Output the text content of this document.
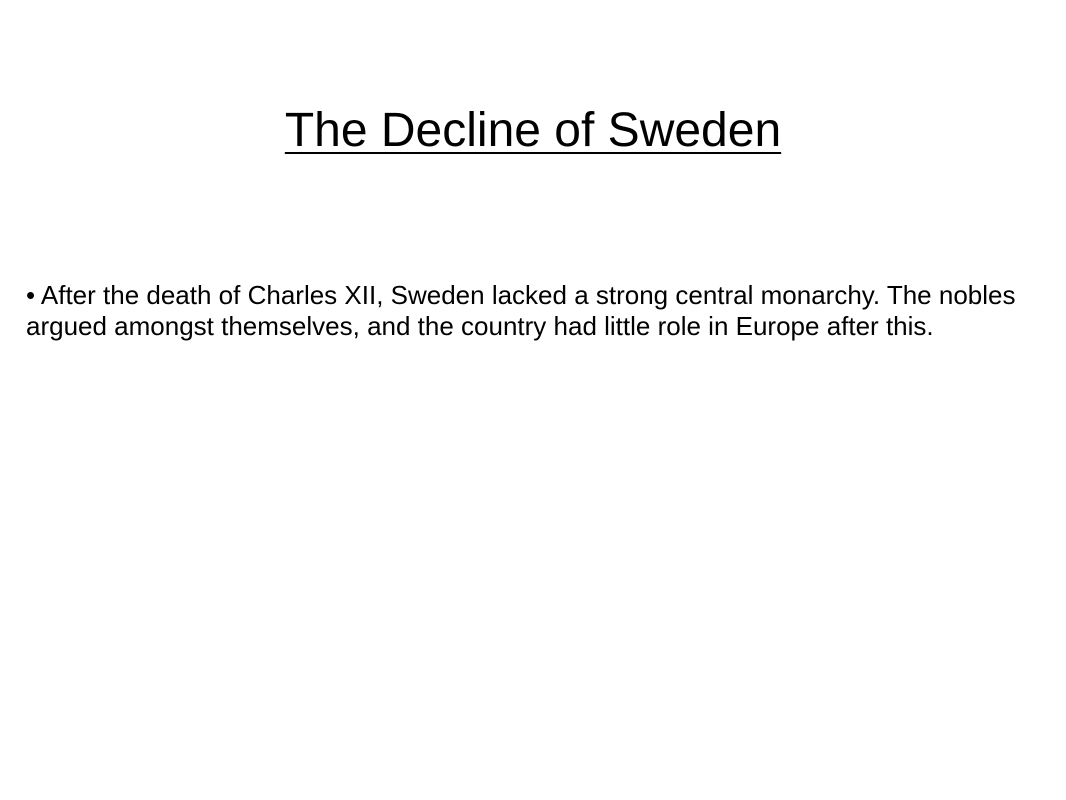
The Decline of Sweden
• After the death of Charles XII, Sweden lacked a strong central monarchy. The nobles argued amongst themselves, and the country had little role in Europe after this.
